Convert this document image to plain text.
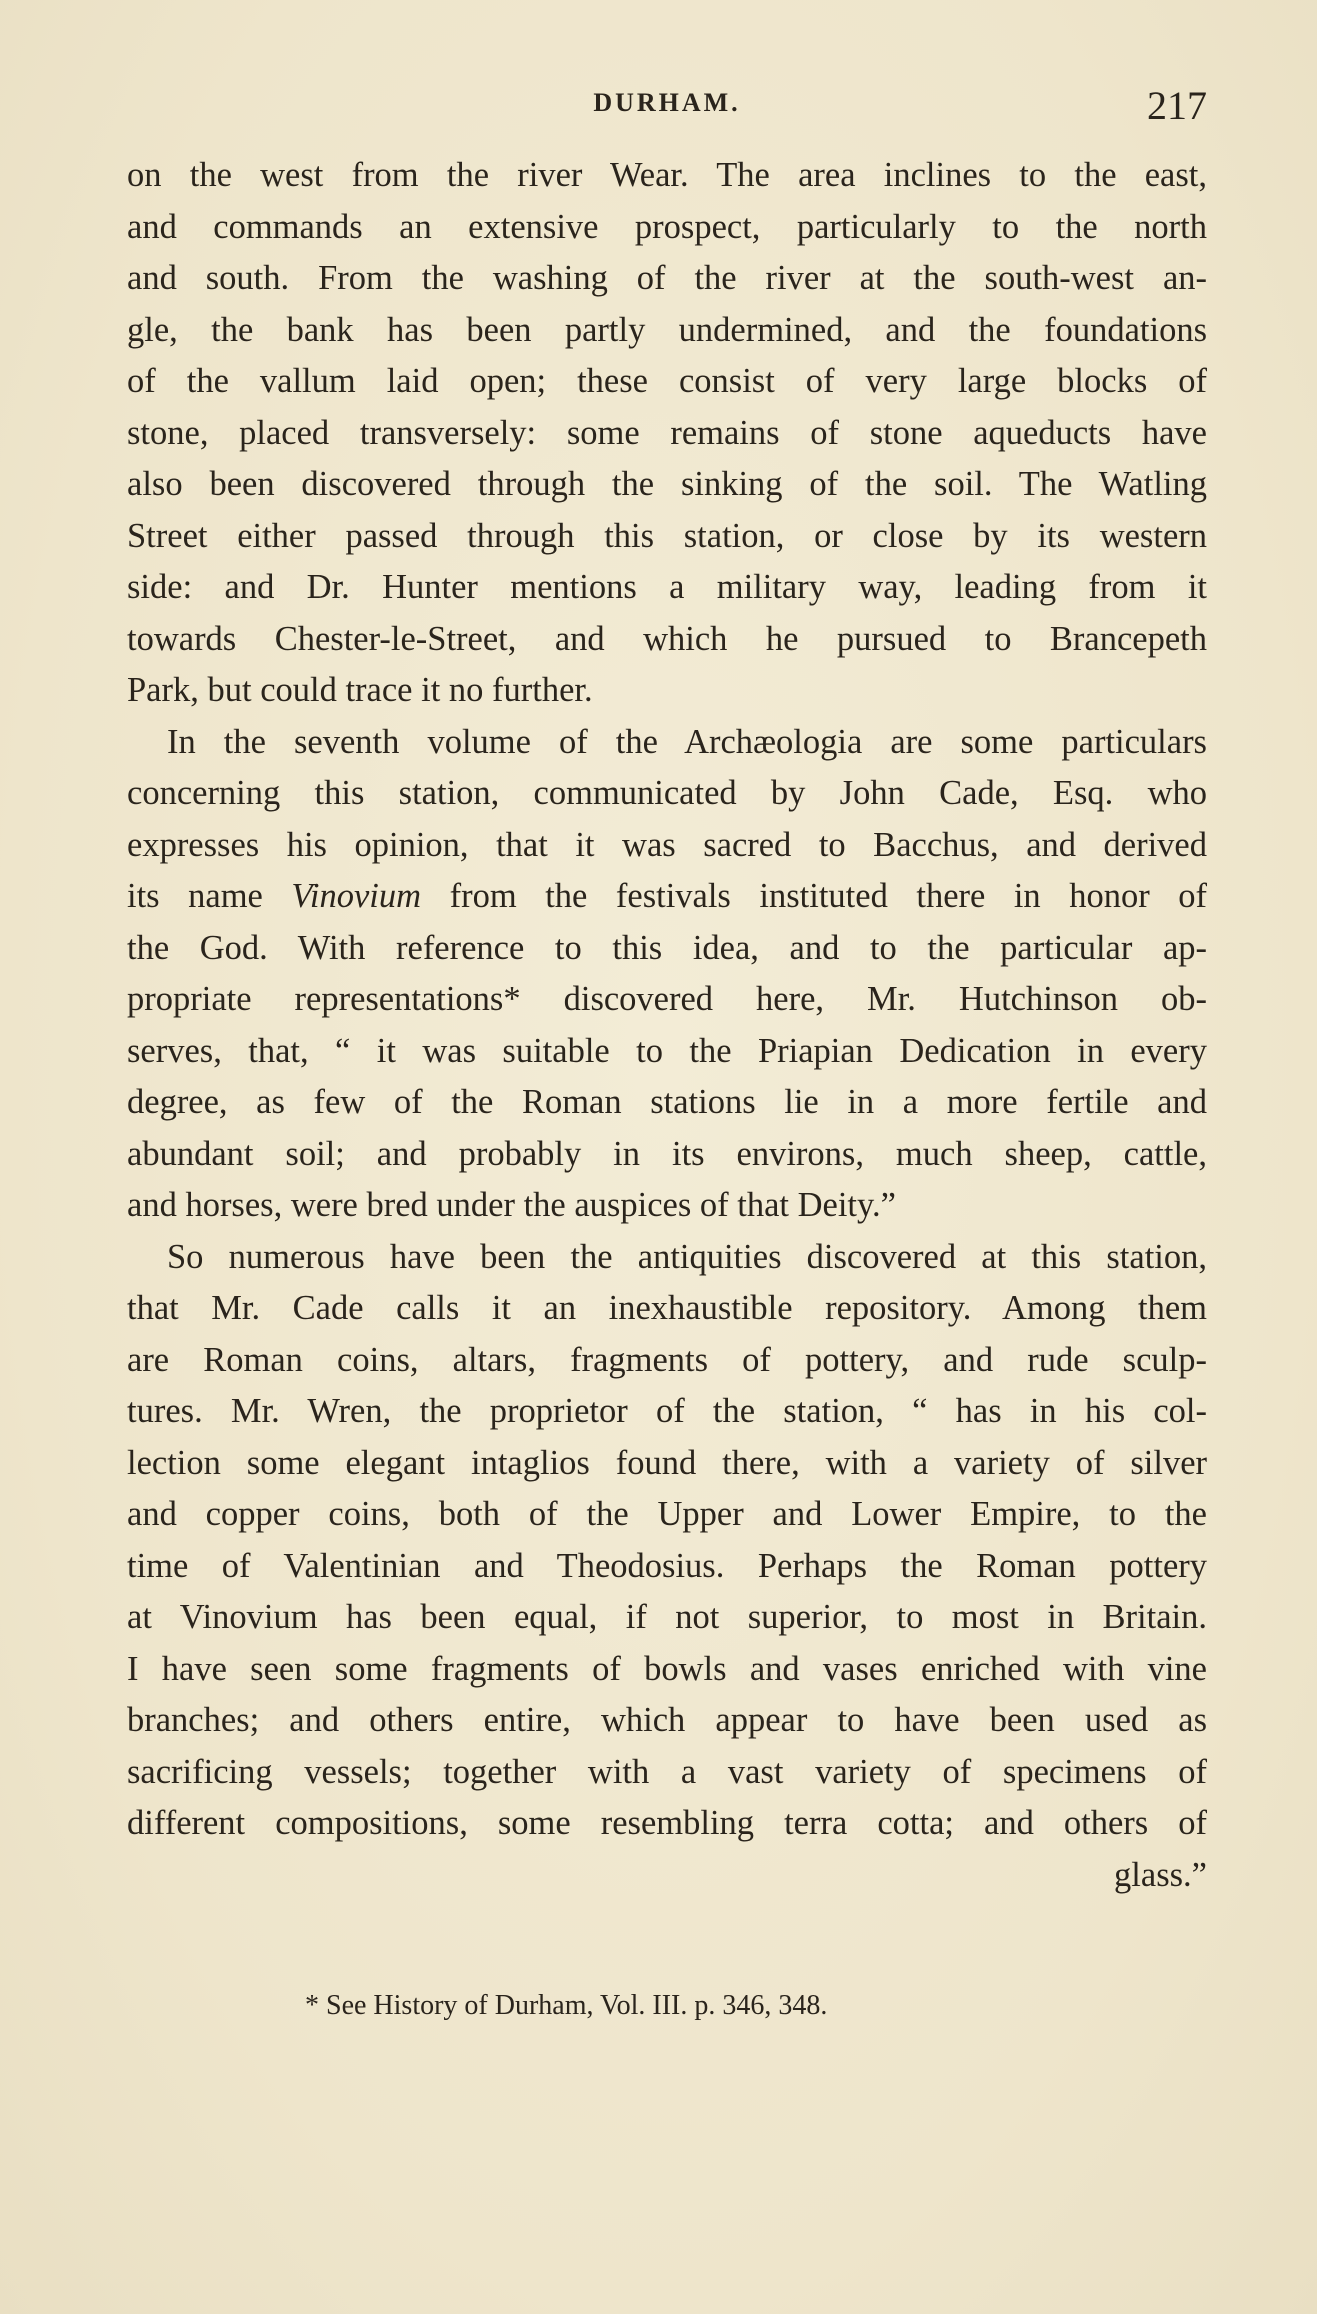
DURHAM.	217
on the west from the river Wear. The area inclines to the east,
and commands an extensive prospect, particularly to the north
and south. From the washing of the river at the south-west an-
gle, the bank has been partly undermined, and the foundations
of the vallum laid open; these consist of very large blocks of
stone, placed transversely: some remains of stone aqueducts have
also been discovered through the sinking of the soil. The Watling
Street either passed through this station, or close by its western
side: and Dr. Hunter mentions a military way, leading from it
towards Chester-le-Street, and which he pursued to Brancepeth
Park, but could trace it no further.
In the seventh volume of the Archæologia are some particulars
concerning this station, communicated by John Cade, Esq. who
expresses his opinion, that it was sacred to Bacchus, and derived
its name Vinovium from the festivals instituted there in honor of
the God. With reference to this idea, and to the particular ap-
propriate representations* discovered here, Mr. Hutchinson ob-
serves, that, “ it was suitable to the Priapian Dedication in every
degree, as few of the Roman stations lie in a more fertile and
abundant soil; and probably in its environs, much sheep, cattle,
and horses, were bred under the auspices of that Deity.”
So numerous have been the antiquities discovered at this station,
that Mr. Cade calls it an inexhaustible repository. Among them
are Roman coins, altars, fragments of pottery, and rude sculp-
tures. Mr. Wren, the proprietor of the station, “ has in his col-
lection some elegant intaglios found there, with a variety of silver
and copper coins, both of the Upper and Lower Empire, to the
time of Valentinian and Theodosius. Perhaps the Roman pottery
at Vinovium has been equal, if not superior, to most in Britain.
I have seen some fragments of bowls and vases enriched with vine
branches; and others entire, which appear to have been used as
sacrificing vessels; together with a vast variety of specimens of
different compositions, some resembling terra cotta; and others of
glass.”
* See History of Durham, Vol. III. p. 346, 348.
